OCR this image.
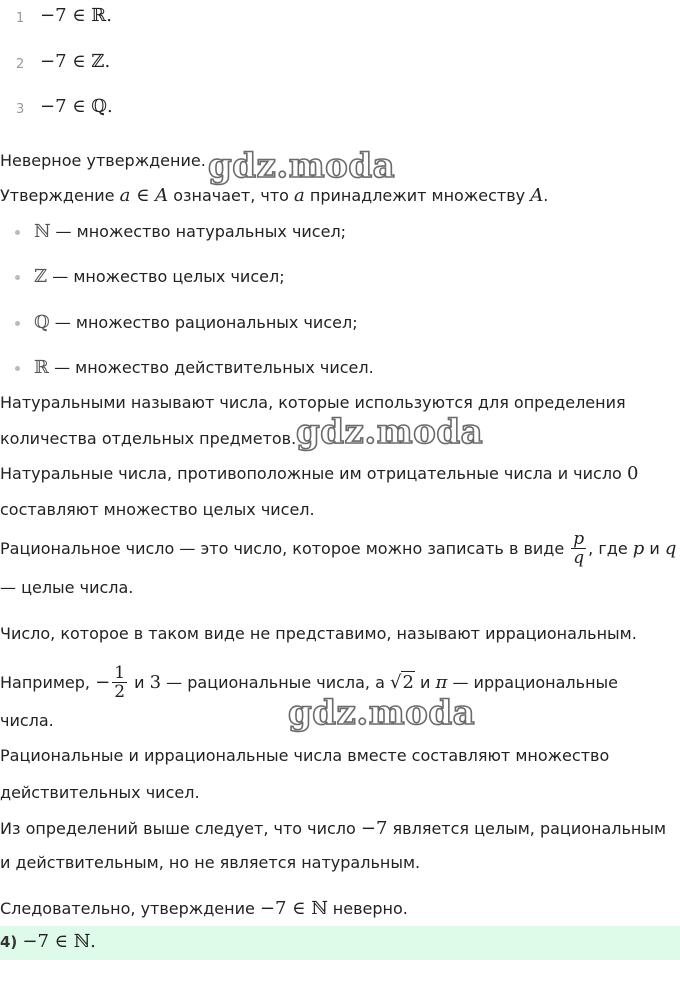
1 −7 ∈ ℝ.
2 −7 ∈ ℤ.
3 −7 ∈ ℚ.
Неверное утверждение.
Утверждение a ∈ A означает, что a принадлежит множеству A.
ℕ — множество натуральных чисел;
ℤ — множество целых чисел;
ℚ — множество рациональных чисел;
ℝ — множество действительных чисел.
Натуральными называют числа, которые используются для определения
количества отдельных предметов.
Натуральные числа, противоположные им отрицательные числа и число 0
составляют множество целых чисел.
Рациональное число — это число, которое можно записать в виде
$\frac{p}{q}$ , где
p
и
q
— целые числа.
Число, которое в таком виде не представимо, называют иррациональным.
Например,
− $\frac{1}{2}$
и
3
— рациональные числа, а
√2
и
π
— иррациональные
числа.
Рациональные и иррациональные числа вместе составляют множество
действительных чисел.
Из определений выше следует, что число −7 является целым, рациональным
и действительным, но не является натуральным.
Следовательно, утверждение −7 ∈ ℕ неверно.
4) −7 ∈ ℕ.
gdz.moda
gdz.moda
gdz.moda
